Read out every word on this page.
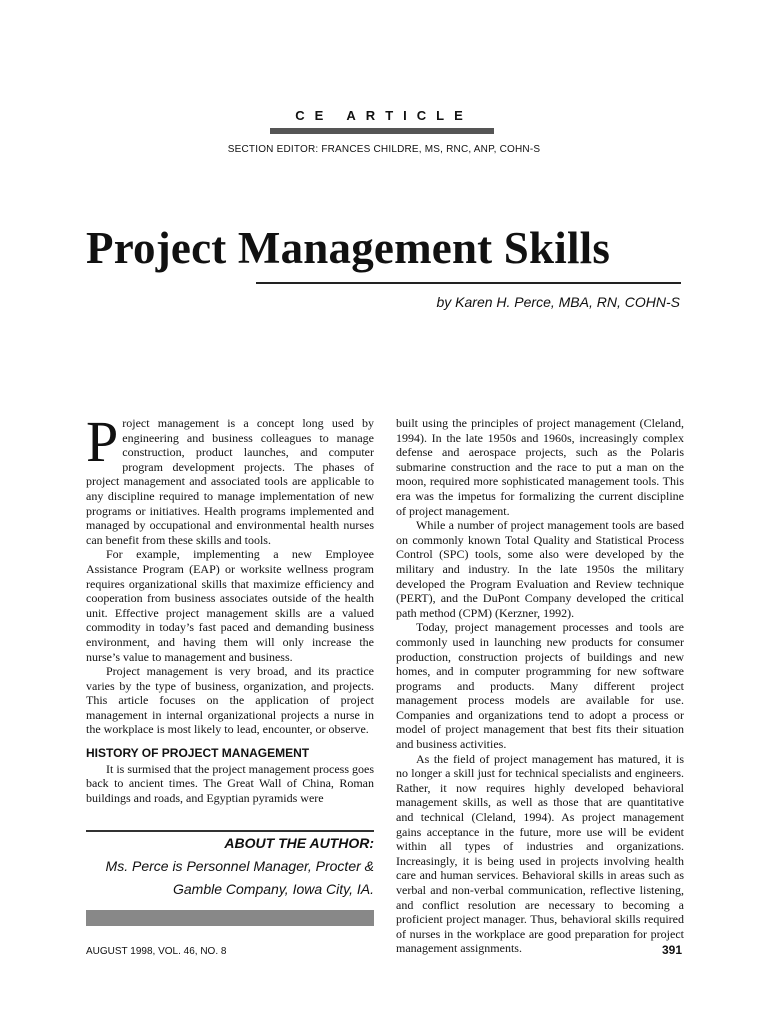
CE ARTICLE
SECTION EDITOR: FRANCES CHILDRE, MS, RNC, ANP, COHN-S
Project Management Skills
by Karen H. Perce, MBA, RN, COHN-S

Project management is a concept long used by engineering and business colleagues to manage construction, product launches, and computer program development projects. The phases of project management and associated tools are applicable to any discipline required to manage implementation of new programs or initiatives. Health programs implemented and managed by occupational and environmental health nurses can benefit from these skills and tools.

For example, implementing a new Employee Assistance Program (EAP) or worksite wellness program requires organizational skills that maximize efficiency and cooperation from business associates outside of the health unit. Effective project management skills are a valued commodity in today’s fast paced and demanding business environment, and having them will only increase the nurse’s value to management and business.

Project management is very broad, and its practice varies by the type of business, organization, and projects. This article focuses on the application of project management in internal organizational projects a nurse in the workplace is most likely to lead, encounter, or observe.

HISTORY OF PROJECT MANAGEMENT

It is surmised that the project management process goes back to ancient times. The Great Wall of China, Roman buildings and roads, and Egyptian pyramids were

built using the principles of project management (Cleland, 1994). In the late 1950s and 1960s, increasingly complex defense and aerospace projects, such as the Polaris submarine construction and the race to put a man on the moon, required more sophisticated management tools. This era was the impetus for formalizing the current discipline of project management.

While a number of project management tools are based on commonly known Total Quality and Statistical Process Control (SPC) tools, some also were developed by the military and industry. In the late 1950s the military developed the Program Evaluation and Review technique (PERT), and the DuPont Company developed the critical path method (CPM) (Kerzner, 1992).

Today, project management processes and tools are commonly used in launching new products for consumer production, construction projects of buildings and new homes, and in computer programming for new software programs and products. Many different project management process models are available for use. Companies and organizations tend to adopt a process or model of project management that best fits their situation and business activities.

As the field of project management has matured, it is no longer a skill just for technical specialists and engineers. Rather, it now requires highly developed behavioral management skills, as well as those that are quantitative and technical (Cleland, 1994). As project management gains acceptance in the future, more use will be evident within all types of industries and organizations. Increasingly, it is being used in projects involving health care and human services. Behavioral skills in areas such as verbal and non-verbal communication, reflective listening, and conflict resolution are necessary to becoming a proficient project manager. Thus, behavioral skills required of nurses in the workplace are good preparation for project management assignments.

ABOUT THE AUTHOR:
Ms. Perce is Personnel Manager, Procter & Gamble Company, Iowa City, IA.
AUGUST 1998, VOL. 46, NO. 8	391
